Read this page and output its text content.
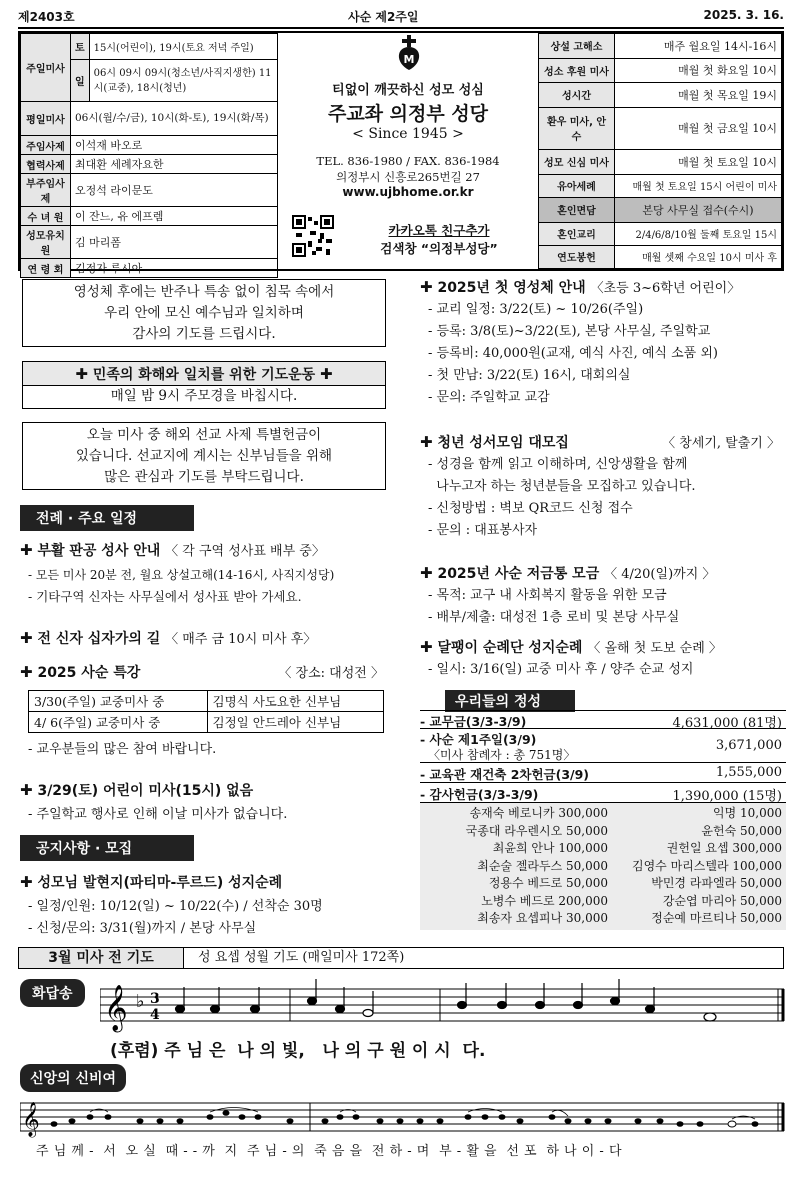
제2403호	사순 제2주일	2025. 3. 16.
주일미사	토	15시(어린이), 19시(토요 저녁 주일)
	일	06시 09시 09시(청소년/사직지생한) 11시(교중), 18시(청년)
평일미사	06시(월/수/금), 10시(화-토), 19시(화/목)	
주임사제	이석재 바오로	
협력사제	최대환 세례자요한	
부주임사제	오정석 라이문도	
수 녀 원	이 잔느, 유 에프렘	
성모유치원	김 마리폼	
연 령 회	김정자 루시아	
M
티없이 깨끗하신 성모 성심
주교좌 의정부 성당
< Since 1945 >
TEL. 836-1980 / FAX. 836-1984
의정부시 신흥로265번길 27
www.ujbhome.or.kr
카카오톡 친구추가
검색창 “의정부성당”
상설 고해소	매주 월요일 14시-16시
성소 후원 미사	매월 첫 화요일 10시
성시간	매월 첫 목요일 19시
환우 미사, 안수	매월 첫 금요일 10시
성모 신심 미사	매월 첫 토요일 10시
유아세례	매월 첫 토요일 15시 어린이 미사
혼인면담	본당 사무실 접수(수시)
혼인교리	2/4/6/8/10월 둘째 토요일 15시
연도봉헌	매월 셋째 수요일 10시 미사 후
영성체 후에는 반주나 특송 없이 침묵 속에서
우리 안에 모신 예수님과 일치하며
감사의 기도를 드립시다.
✚ 민족의 화해와 일치를 위한 기도운동 ✚
매일 밤 9시 주모경을 바칩시다.
오늘 미사 중 해외 선교 사제 특별헌금이
있습니다. 선교지에 계시는 신부님들을 위해
많은 관심과 기도를 부탁드립니다.
전례 · 주요 일정
✚ 부활 판공 성사 안내 〈 각 구역 성사표 배부 중〉
- 모든 미사 20분 전, 월요 상설고해(14-16시, 사직지성당)
- 기타구역 신자는 사무실에서 성사표 받아 가세요.
✚ 전 신자 십자가의 길 〈 매주 금 10시 미사 후〉
✚ 2025 사순 특강	〈 장소: 대성전 〉
3/30(주일) 교중미사 중	김명식 사도요한 신부님
4/ 6(주일) 교중미사 중	김정일 안드레아 신부님
- 교우분들의 많은 참여 바랍니다.
✚ 3/29(토) 어린이 미사(15시) 없음
- 주일학교 행사로 인해 이날 미사가 없습니다.
공지사항 · 모집
✚ 성모님 발현지(파티마-루르드) 성지순례
- 일정/인원: 10/12(일) ~ 10/22(수) / 선착순 30명
- 신청/문의: 3/31(월)까지 / 본당 사무실
✚ 2025년 첫 영성체 안내 〈초등 3~6학년 어린이〉
- 교리 일정: 3/22(토) ~ 10/26(주일)
- 등록: 3/8(토)~3/22(토), 본당 사무실, 주일학교
- 등록비: 40,000원(교재, 예식 사진, 예식 소품 외)
- 첫 만남: 3/22(토) 16시, 대회의실
- 문의: 주일학교 교감
✚ 청년 성서모임 대모집	〈 창세기, 탈출기 〉
- 성경을 함께 읽고 이해하며, 신앙생활을 함께
나누고자 하는 청년분들을 모집하고 있습니다.
- 신청방법 : 벽보 QR코드 신청 접수
- 문의 : 대표봉사자
✚ 2025년 사순 저금통 모금 〈 4/20(일)까지 〉
- 목적: 교구 내 사회복지 활동을 위한 모금
- 배부/제출: 대성전 1층 로비 및 본당 사무실
✚ 달팽이 순례단 성지순례 〈 올해 첫 도보 순례 〉
- 일시: 3/16(일) 교중 미사 후 / 양주 순교 성지
우리들의 정성
- 교무금(3/3-3/9)	4,631,000 (81명)
- 사순 제1주일(3/9)
〈미사 참례자 : 총 751명〉
3,671,000
- 교육관 재건축 2차헌금(3/9)	1,555,000
- 감사헌금(3/3-3/9)	1,390,000 (15명)
송재숙 베로니카 300,000	익명 10,000
국종대 라우렌시오 50,000	윤헌숙 50,000
최윤희 안나 100,000	권헌일 요셉 300,000
최순술 젤라두스 50,000	김영수 마리스텔라 100,000
정용수 베드로 50,000	박민경 라파엘라 50,000
노병수 베드로 200,000	강순엽 마리아 50,000
최송자 요셉피나 30,000	정순예 마르티나 50,000
3월 미사 전 기도	성 요셉 성월 기도 (매일미사 172쪽)
화답송 𝄞 ♭ 3
4
(후렴) 주 님 은  나 의 빛,   나 의 구 원 이 시  다.
신앙의 신비여
𝄞
주 님 께 -  서  오 실  때 - - 까  지  주 님 - 의  죽 음 을  전 하 - 며  부 - 활 을  선 포  하 나 이 - 다
